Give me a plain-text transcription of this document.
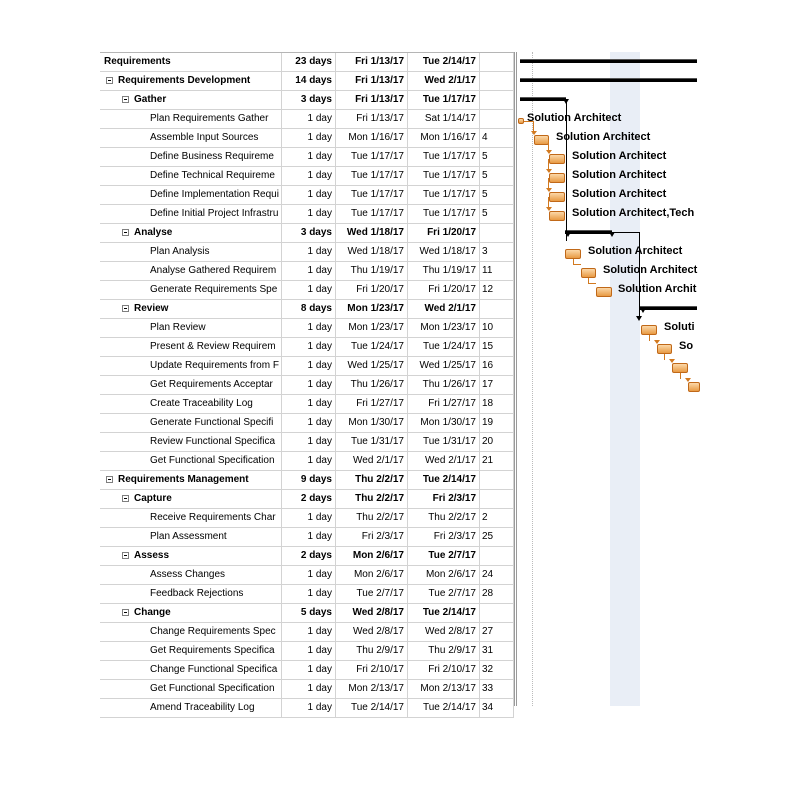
Requirements	23 days	Fri 1/13/17	Tue 2/14/17
Requirements Development	14 days	Fri 1/13/17	Wed 2/1/17
Gather	3 days	Fri 1/13/17	Tue 1/17/17
Plan Requirements Gather	1 day	Fri 1/13/17	Sat 1/14/17
Assemble Input Sources	1 day	Mon 1/16/17	Mon 1/16/17 4
Define Business Requireme	1 day	Tue 1/17/17	Tue 1/17/17 5
Define Technical Requireme	1 day	Tue 1/17/17	Tue 1/17/17 5
Define Implementation Requi	1 day	Tue 1/17/17	Tue 1/17/17 5
Define Initial Project Infrastru	1 day	Tue 1/17/17	Tue 1/17/17 5
Analyse	3 days	Wed 1/18/17	Fri 1/20/17
Plan Analysis	1 day	Wed 1/18/17	Wed 1/18/17 3
Analyse Gathered Requirem	1 day	Thu 1/19/17	Thu 1/19/17 11
Generate Requirements Spe	1 day	Fri 1/20/17	Fri 1/20/17 12
Review	8 days	Mon 1/23/17	Wed 2/1/17
Plan Review	1 day	Mon 1/23/17	Mon 1/23/17 10
Present & Review Requirem	1 day	Tue 1/24/17	Tue 1/24/17 15
Update Requirements from F	1 day	Wed 1/25/17	Wed 1/25/17 16
Get Requirements Acceptar	1 day	Thu 1/26/17	Thu 1/26/17 17
Create Traceability Log	1 day	Fri 1/27/17	Fri 1/27/17 18
Generate Functional Specifi	1 day	Mon 1/30/17	Mon 1/30/17 19
Review Functional Specifica	1 day	Tue 1/31/17	Tue 1/31/17 20
Get Functional Specification	1 day	Wed 2/1/17	Wed 2/1/17 21
Requirements Management	9 days	Thu 2/2/17	Tue 2/14/17
Capture	2 days	Thu 2/2/17	Fri 2/3/17
Receive Requirements Char	1 day	Thu 2/2/17	Thu 2/2/17 2
Plan Assessment	1 day	Fri 2/3/17	Fri 2/3/17 25
Assess	2 days	Mon 2/6/17	Tue 2/7/17
Assess Changes	1 day	Mon 2/6/17	Mon 2/6/17 24
Feedback Rejections	1 day	Tue 2/7/17	Tue 2/7/17 28
Change	5 days	Wed 2/8/17	Tue 2/14/17
Change Requirements Spec	1 day	Wed 2/8/17	Wed 2/8/17 27
Get Requirements Specifica	1 day	Thu 2/9/17	Thu 2/9/17 31
Change Functional Specifica	1 day	Fri 2/10/17	Fri 2/10/17 32
Get Functional Specification	1 day	Mon 2/13/17	Mon 2/13/17 33
Amend Traceability Log	1 day	Tue 2/14/17	Tue 2/14/17 34
Solution Architect
Solution Architect
Solution Architect
Solution Architect
Solution Architect
Solution Architect,Tech
Solution Architect
Solution Architect
Solution Archit
Soluti
So
